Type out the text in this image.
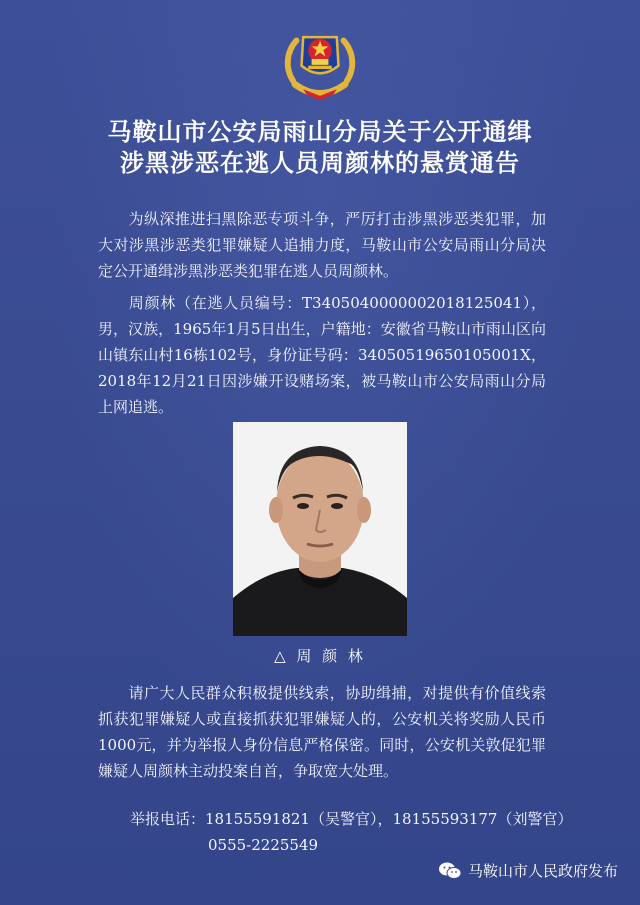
马鞍山市公安局雨山分局关于公开通缉
涉黑涉恶在逃人员周颜林的悬赏通告
为纵深推进扫黑除恶专项斗争，严厉打击涉黑涉恶类犯罪，加大对涉黑涉恶类犯罪嫌疑人追捕力度，马鞍山市公安局雨山分局决定公开通缉涉黑涉恶类犯罪在逃人员周颜林。
周颜林（在逃人员编号：T3405040000002018125041），男，汉族，1965年1月5日出生，户籍地：安徽省马鞍山市雨山区向山镇东山村16栋102号，身份证号码：34050519650105001X，2018年12月21日因涉嫌开设赌场案，被马鞍山市公安局雨山分局上网追逃。
△ 周 颜 林
请广大人民群众积极提供线索，协助缉捕，对提供有价值线索抓获犯罪嫌疑人或直接抓获犯罪嫌疑人的，公安机关将奖励人民币1000元，并为举报人身份信息严格保密。同时，公安机关敦促犯罪嫌疑人周颜林主动投案自首，争取宽大处理。
举报电话：18155591821（吴警官），18155593177（刘警官）
0555-2225549
马鞍山市人民政府发布
